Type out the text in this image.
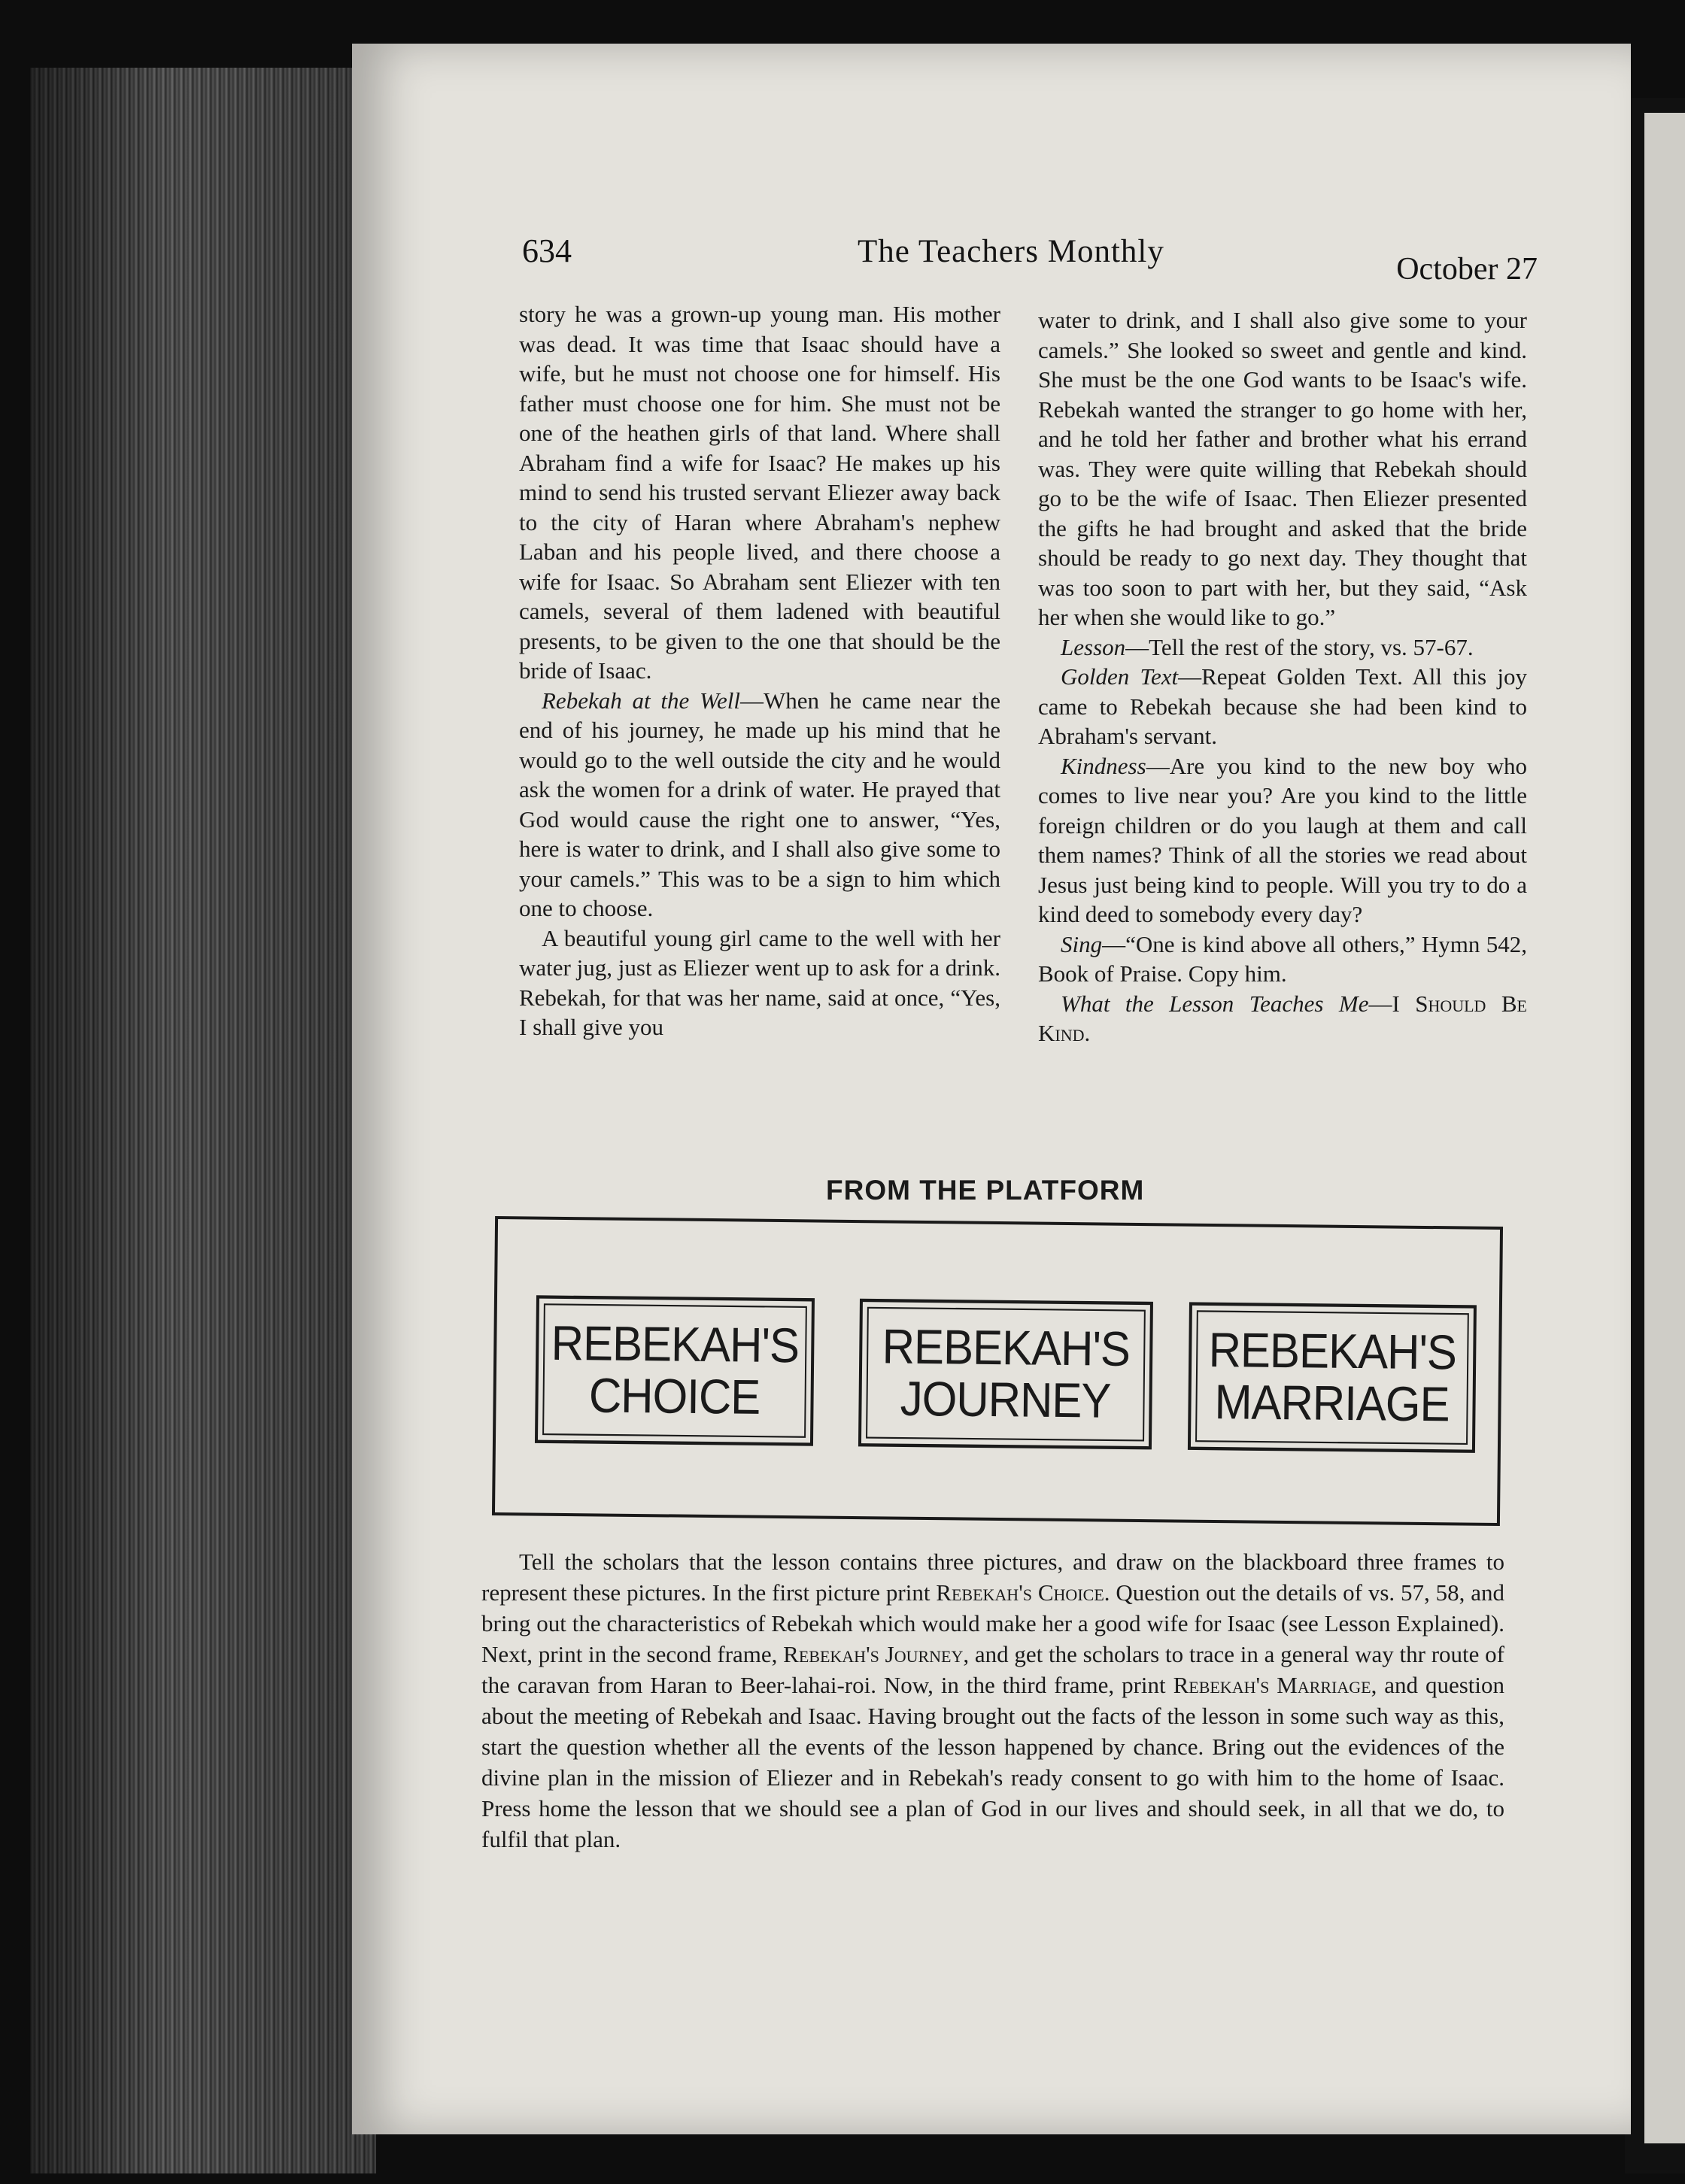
634	The Teachers Monthly	October 27

story he was a grown-up young man. His mother was dead. It was time that Isaac should have a wife, but he must not choose one for himself. His father must choose one for him. She must not be one of the heathen girls of that land. Where shall Abraham find a wife for Isaac? He makes up his mind to send his trusted servant Eliezer away back to the city of Haran where Abraham's nephew Laban and his people lived, and there choose a wife for Isaac. So Abraham sent Eliezer with ten camels, several of them ladened with beautiful presents, to be given to the one that should be the bride of Isaac.

Rebekah at the Well—When he came near the end of his journey, he made up his mind that he would go to the well outside the city and he would ask the women for a drink of water. He prayed that God would cause the right one to answer, “Yes, here is water to drink, and I shall also give some to your camels.” This was to be a sign to him which one to choose.

A beautiful young girl came to the well with her water jug, just as Eliezer went up to ask for a drink. Rebekah, for that was her name, said at once, “Yes, I shall give you

water to drink, and I shall also give some to your camels.” She looked so sweet and gentle and kind. She must be the one God wants to be Isaac's wife. Rebekah wanted the stranger to go home with her, and he told her father and brother what his errand was. They were quite willing that Rebekah should go to be the wife of Isaac. Then Eliezer presented the gifts he had brought and asked that the bride should be ready to go next day. They thought that was too soon to part with her, but they said, “Ask her when she would like to go.”

Lesson—Tell the rest of the story, vs. 57-67.

Golden Text—Repeat Golden Text. All this joy came to Rebekah because she had been kind to Abraham's servant.

Kindness—Are you kind to the new boy who comes to live near you? Are you kind to the little foreign children or do you laugh at them and call them names? Think of all the stories we read about Jesus just being kind to people. Will you try to do a kind deed to somebody every day?

Sing—“One is kind above all others,” Hymn 542, Book of Praise. Copy him.

What the Lesson Teaches Me—I Should Be Kind.

FROM THE PLATFORM
REBEKAH'S
CHOICE
REBEKAH'S
JOURNEY
REBEKAH'S
MARRIAGE
Tell the scholars that the lesson contains three pictures, and draw on the blackboard three frames to represent these pictures. In the first picture print Rebekah's Choice. Question out the details of vs. 57, 58, and bring out the characteristics of Rebekah which would make her a good wife for Isaac (see Lesson Explained). Next, print in the second frame, Rebekah's Journey, and get the scholars to trace in a general way thr route of the caravan from Haran to Beer-lahai-roi. Now, in the third frame, print Rebekah's Marriage, and question about the meeting of Rebekah and Isaac. Having brought out the facts of the lesson in some such way as this, start the question whether all the events of the lesson happened by chance. Bring out the evidences of the divine plan in the mission of Eliezer and in Rebekah's ready consent to go with him to the home of Isaac. Press home the lesson that we should see a plan of God in our lives and should seek, in all that we do, to fulfil that plan.
